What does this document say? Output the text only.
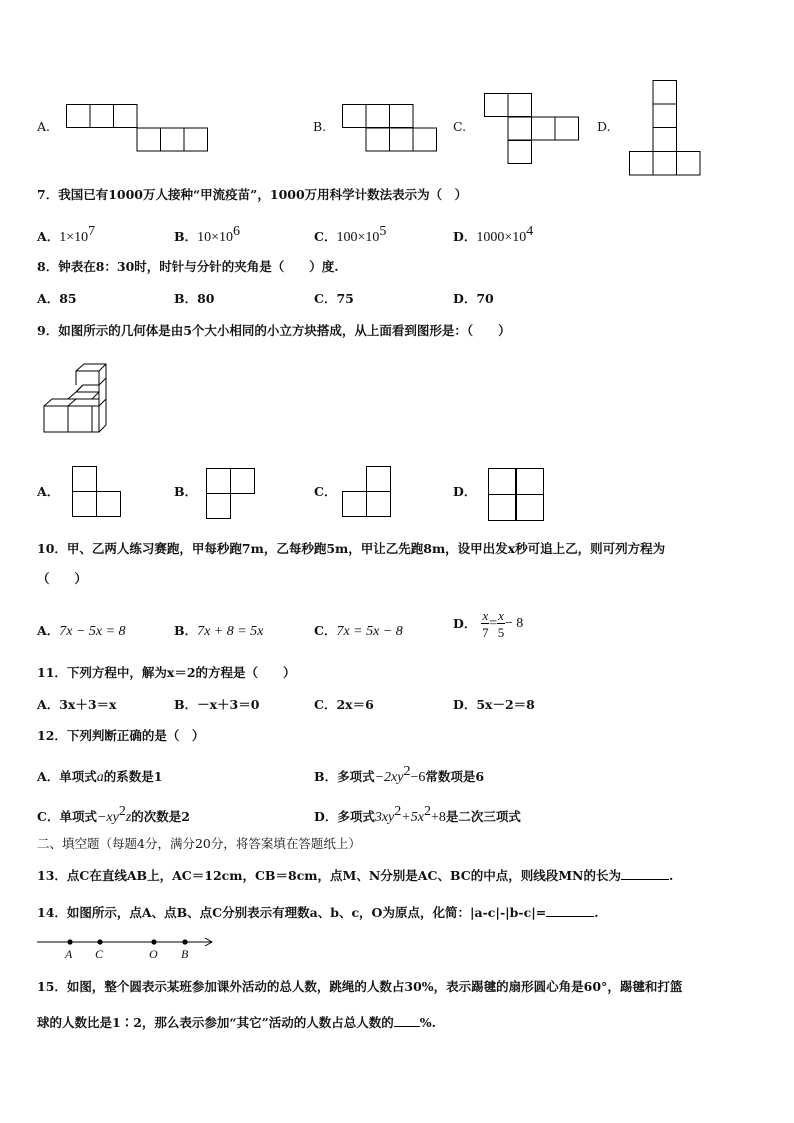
A.	B.	C.	D.
7．我国已有1000万人接种“甲流疫苗”，1000万用科学计数法表示为（　）
A．$1\times 10^7$	B．$10\times 10^6$	C．$100\times 10^5$	D．$1000\times 10^4$
8．钟表在8：30时，时针与分针的夹角是（　　）度.
A．85	B．80	C．75	D．70
9．如图所示的几何体是由5个大小相同的小立方块搭成，从上面看到图形是：（　　）
A．	B．	C．	D．
10．甲、乙两人练习赛跑，甲每秒跑7m，乙每秒跑5m，甲让乙先跑8m，设甲出发x秒可追上乙，则可列方程为
（　　）
A．7x − 5x = 8	B．7x + 8 = 5x	C．7x = 5x − 8
D． $\frac{x}{7} = \frac{x}{5} - 8$
11．下列方程中，解为x＝2的方程是（　　）
A．3x＋3＝x	B．－x＋3＝0	C．2x＝6	D．5x－2＝8
12．下列判断正确的是（　）
A．单项式a的系数是1	B．多项式$-2xy^2-6$常数项是6
C．单项式$-xy^2z$的次数是2	D．多项式$3xy^2+5x^2+8$是二次三项式
二、填空题（每题4分，满分20分，将答案填在答题纸上）
13．点C在直线AB上，AC＝12cm，CB＝8cm，点M、N分别是AC、BC的中点，则线段MN的长为	.
14．如图所示，点A、点B、点C分别表示有理数a、b、c，O为原点，化简：|a-c|-|b-c|=	.
A C	O B
15．如图，整个圆表示某班参加课外活动的总人数，跳绳的人数占30%，表示踢毽的扇形圆心角是60°，踢毽和打篮
球的人数比是1∶2，那么表示参加“其它”活动的人数占总人数的 %.
